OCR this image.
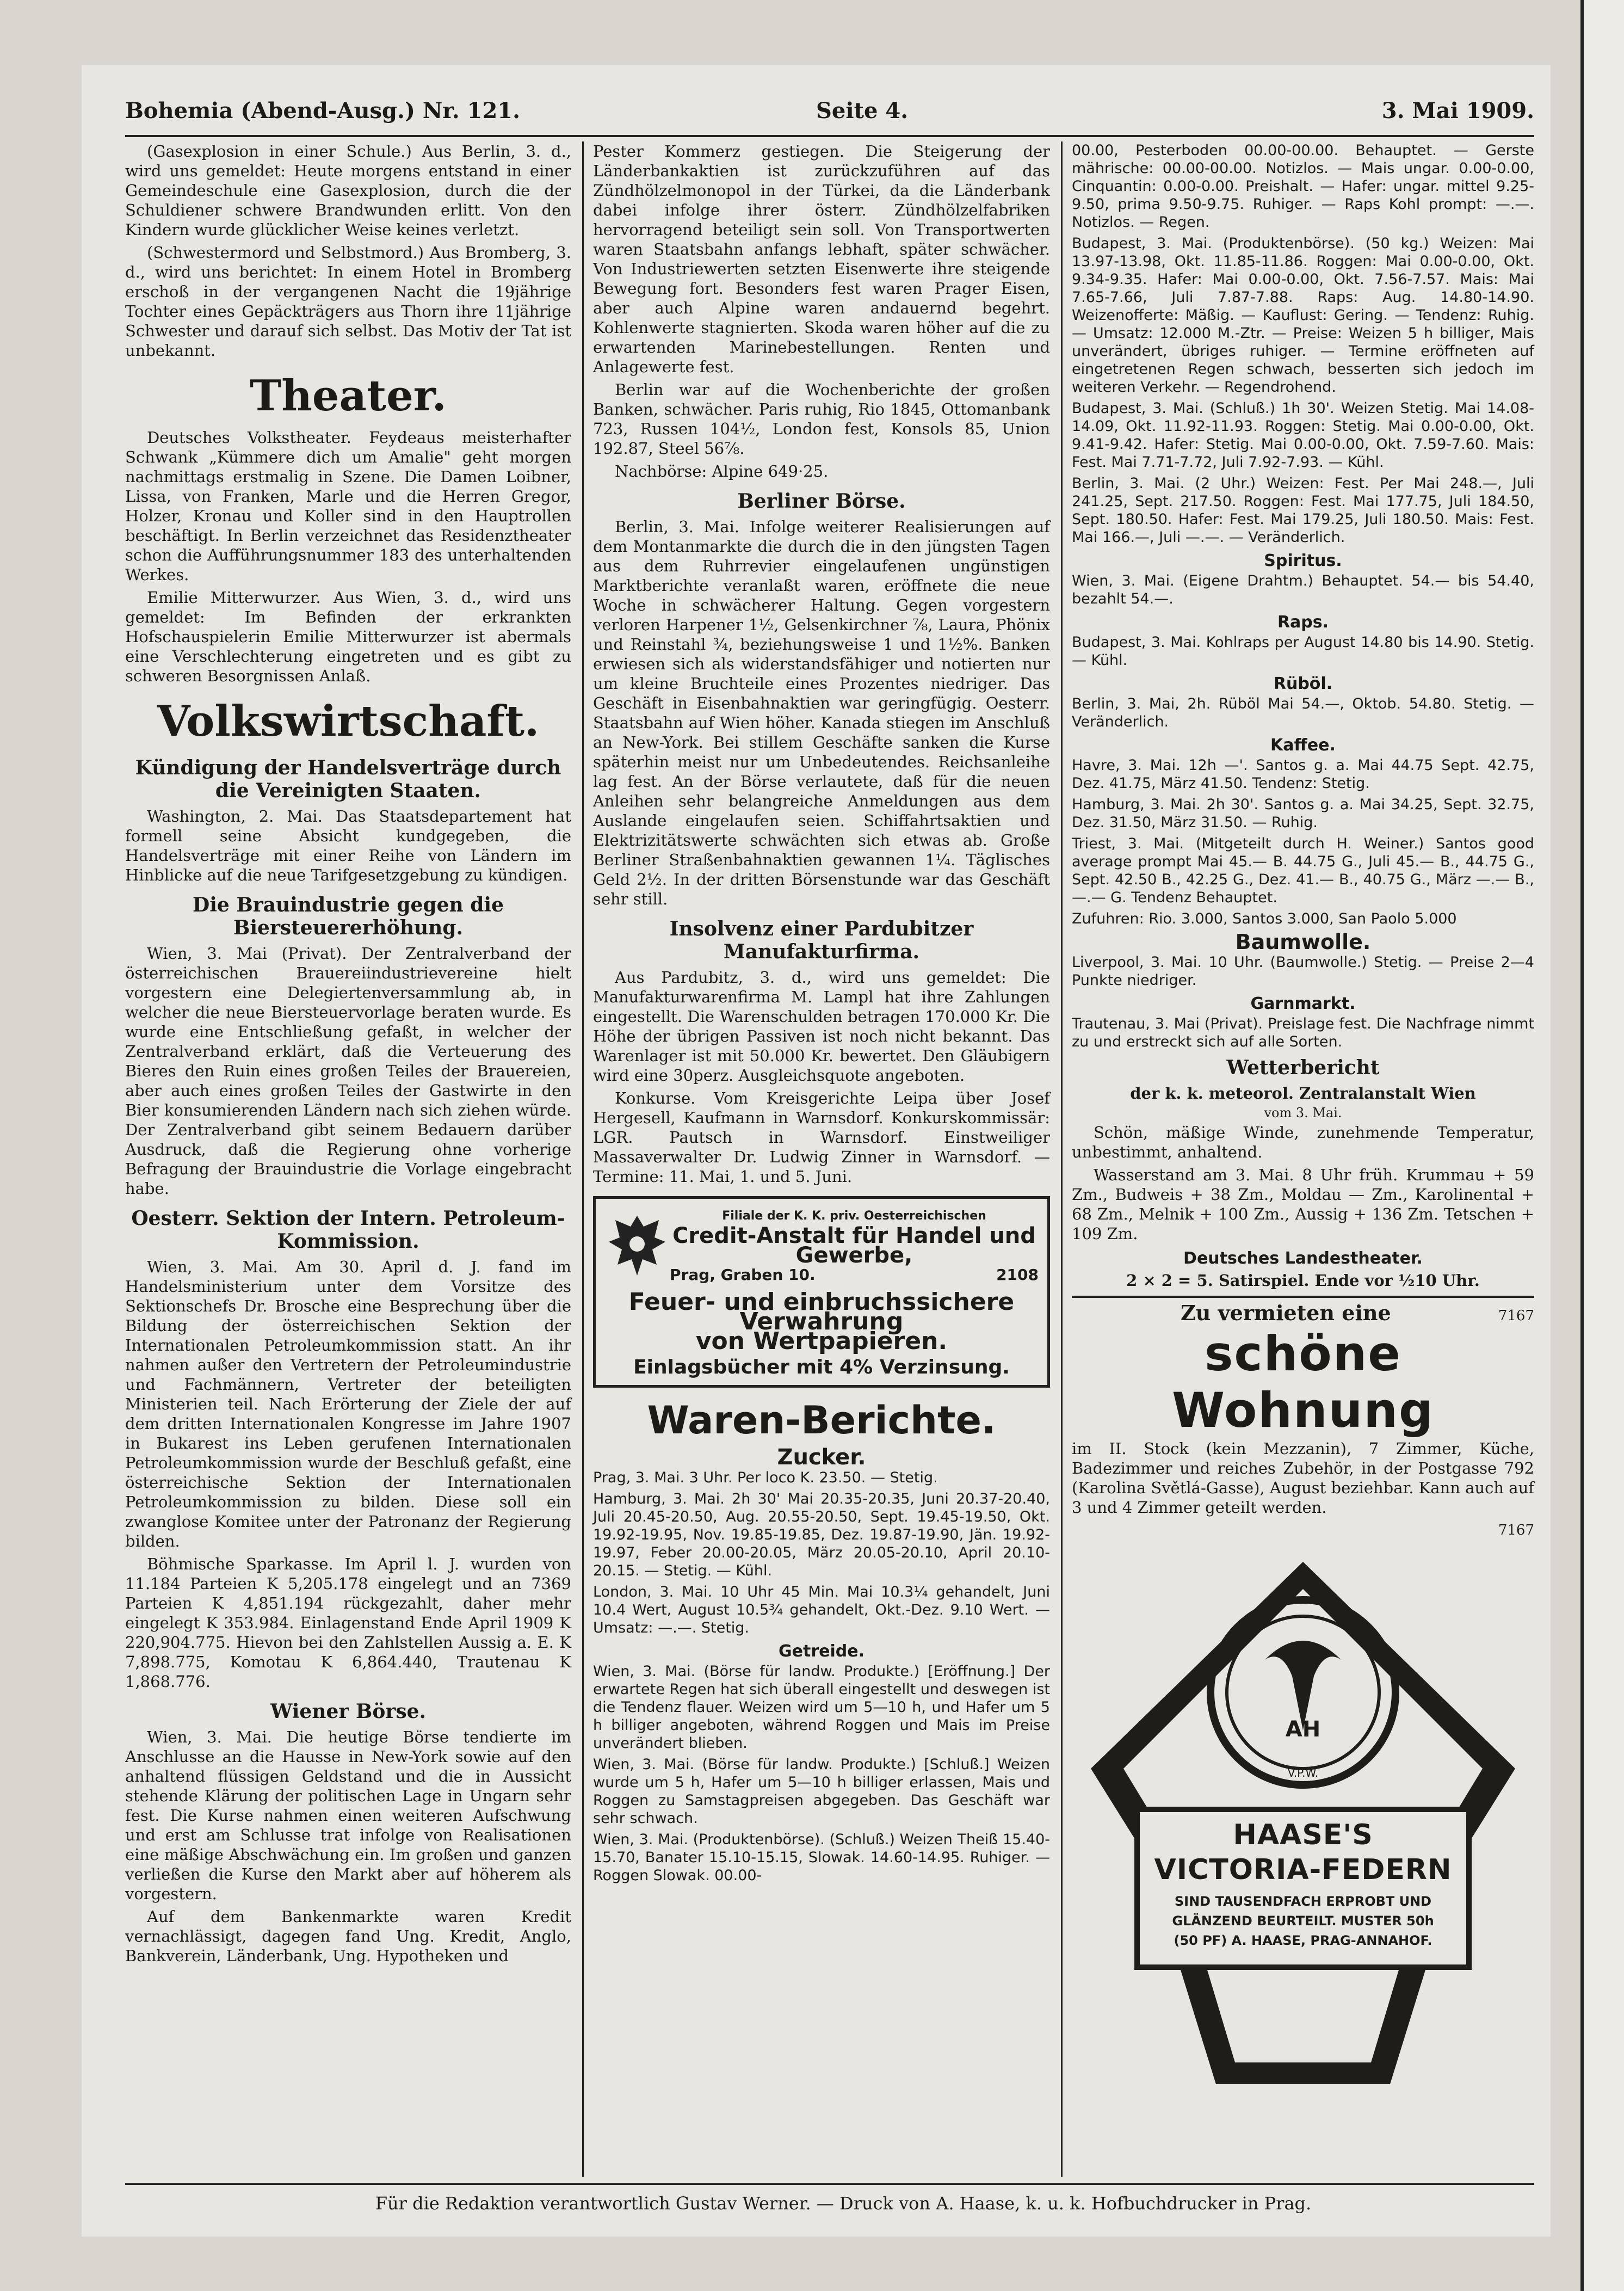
Bohemia (Abend-Ausg.) Nr. 121.	Seite 4.	3. Mai 1909.

(Gasexplosion in einer Schule.) Aus Berlin, 3. d., wird uns gemeldet: Heute morgens entstand in einer Gemeindeschule eine Gasexplosion, durch die der Schuldiener schwere Brandwunden erlitt. Von den Kindern wurde glücklicher Weise keines verletzt.

(Schwestermord und Selbstmord.) Aus Bromberg, 3. d., wird uns berichtet: In einem Hotel in Bromberg erschoß in der vergangenen Nacht die 19jährige Tochter eines Gepäckträgers aus Thorn ihre 11jährige Schwester und darauf sich selbst. Das Motiv der Tat ist unbekannt.

Theater.

Deutsches Volkstheater. Feydeaus meisterhafter Schwank „Kümmere dich um Amalie" geht morgen nachmittags erstmalig in Szene. Die Damen Loibner, Lissa, von Franken, Marle und die Herren Gregor, Holzer, Kronau und Koller sind in den Hauptrollen beschäftigt. In Berlin verzeichnet das Residenztheater schon die Aufführungsnummer 183 des unterhaltenden Werkes.

Emilie Mitterwurzer. Aus Wien, 3. d., wird uns gemeldet: Im Befinden der erkrankten Hofschauspielerin Emilie Mitterwurzer ist abermals eine Verschlechterung eingetreten und es gibt zu schweren Besorgnissen Anlaß.

Volkswirtschaft.
Kündigung der Handelsverträge durch die Vereinigten Staaten.

Washington, 2. Mai. Das Staatsdepartement hat formell seine Absicht kundgegeben, die Handelsverträge mit einer Reihe von Ländern im Hinblicke auf die neue Tarifgesetzgebung zu kündigen.

Die Brauindustrie gegen die Biersteuererhöhung.

Wien, 3. Mai (Privat). Der Zentralverband der österreichischen Brauereiindustrievereine hielt vorgestern eine Delegiertenversammlung ab, in welcher die neue Biersteuervorlage beraten wurde. Es wurde eine Entschließung gefaßt, in welcher der Zentralverband erklärt, daß die Verteuerung des Bieres den Ruin eines großen Teiles der Brauereien, aber auch eines großen Teiles der Gastwirte in den Bier konsumierenden Ländern nach sich ziehen würde. Der Zentralverband gibt seinem Bedauern darüber Ausdruck, daß die Regierung ohne vorherige Befragung der Brauindustrie die Vorlage eingebracht habe.

Oesterr. Sektion der Intern. Petroleum-Kommission.

Wien, 3. Mai. Am 30. April d. J. fand im Handelsministerium unter dem Vorsitze des Sektionschefs Dr. Brosche eine Besprechung über die Bildung der österreichischen Sektion der Internationalen Petroleumkommission statt. An ihr nahmen außer den Vertretern der Petroleumindustrie und Fachmännern, Vertreter der beteiligten Ministerien teil. Nach Erörterung der Ziele der auf dem dritten Internationalen Kongresse im Jahre 1907 in Bukarest ins Leben gerufenen Internationalen Petroleumkommission wurde der Beschluß gefaßt, eine österreichische Sektion der Internationalen Petroleumkommission zu bilden. Diese soll ein zwanglose Komitee unter der Patronanz der Regierung bilden.

Böhmische Sparkasse. Im April l. J. wurden von 11.184 Parteien K 5,205.178 eingelegt und an 7369 Parteien K 4,851.194 rückgezahlt, daher mehr eingelegt K 353.984. Einlagenstand Ende April 1909 K 220,904.775. Hievon bei den Zahlstellen Aussig a. E. K 7,898.775, Komotau K 6,864.440, Trautenau K 1,868.776.

Wiener Börse.

Wien, 3. Mai. Die heutige Börse tendierte im Anschlusse an die Hausse in New-York sowie auf den anhaltend flüssigen Geldstand und die in Aussicht stehende Klärung der politischen Lage in Ungarn sehr fest. Die Kurse nahmen einen weiteren Aufschwung und erst am Schlusse trat infolge von Realisationen eine mäßige Abschwächung ein. Im großen und ganzen verließen die Kurse den Markt aber auf höherem als vorgestern.

Auf dem Bankenmarkte waren Kredit vernachlässigt, dagegen fand Ung. Kredit, Anglo, Bankverein, Länderbank, Ung. Hypotheken und

Pester Kommerz gestiegen. Die Steigerung der Länderbankaktien ist zurückzuführen auf das Zündhölzelmonopol in der Türkei, da die Länderbank dabei infolge ihrer österr. Zündhölzelfabriken hervorragend beteiligt sein soll. Von Transportwerten waren Staatsbahn anfangs lebhaft, später schwächer. Von Industriewerten setzten Eisenwerte ihre steigende Bewegung fort. Besonders fest waren Prager Eisen, aber auch Alpine waren andauernd begehrt. Kohlenwerte stagnierten. Skoda waren höher auf die zu erwartenden Marinebestellungen. Renten und Anlagewerte fest.

Berlin war auf die Wochenberichte der großen Banken, schwächer. Paris ruhig, Rio 1845, Ottomanbank 723, Russen 104½, London fest, Konsols 85, Union 192.87, Steel 56⅞.

Nachbörse: Alpine 649·25.

Berliner Börse.

Berlin, 3. Mai. Infolge weiterer Realisierungen auf dem Montanmarkte die durch die in den jüngsten Tagen aus dem Ruhrrevier eingelaufenen ungünstigen Marktberichte veranlaßt waren, eröffnete die neue Woche in schwächerer Haltung. Gegen vorgestern verloren Harpener 1½, Gelsenkirchner ⅞, Laura, Phönix und Reinstahl ¾, beziehungsweise 1 und 1½%. Banken erwiesen sich als widerstandsfähiger und notierten nur um kleine Bruchteile eines Prozentes niedriger. Das Geschäft in Eisenbahnaktien war geringfügig. Oesterr. Staatsbahn auf Wien höher. Kanada stiegen im Anschluß an New-York. Bei stillem Geschäfte sanken die Kurse späterhin meist nur um Unbedeutendes. Reichsanleihe lag fest. An der Börse verlautete, daß für die neuen Anleihen sehr belangreiche Anmeldungen aus dem Auslande eingelaufen seien. Schiffahrtsaktien und Elektrizitätswerte schwächten sich etwas ab. Große Berliner Straßenbahnaktien gewannen 1¼. Täglisches Geld 2½. In der dritten Börsenstunde war das Geschäft sehr still.

Insolvenz einer Pardubitzer Manufakturfirma.

Aus Pardubitz, 3. d., wird uns gemeldet: Die Manufakturwarenfirma M. Lampl hat ihre Zahlungen eingestellt. Die Warenschulden betragen 170.000 Kr. Die Höhe der übrigen Passiven ist noch nicht bekannt. Das Warenlager ist mit 50.000 Kr. bewertet. Den Gläubigern wird eine 30perz. Ausgleichsquote angeboten.

Konkurse. Vom Kreisgerichte Leipa über Josef Hergesell, Kaufmann in Warnsdorf. Konkurskommissär: LGR. Pautsch in Warnsdorf. Einstweiliger Massaverwalter Dr. Ludwig Zinner in Warnsdorf. — Termine: 11. Mai, 1. und 5. Juni.

Filiale der K. K. priv. Oesterreichischen
Credit-Anstalt für Handel und Gewerbe,
Prag, Graben 10.	2108
Feuer- und einbruchssichere Verwahrung
von Wertpapieren.
Einlagsbücher mit 4% Verzinsung.
Waren-Berichte.
Zucker.

Prag, 3. Mai. 3 Uhr. Per loco K. 23.50. — Stetig.

Hamburg, 3. Mai. 2h 30' Mai 20.35-20.35, Juni 20.37-20.40, Juli 20.45-20.50, Aug. 20.55-20.50, Sept. 19.45-19.50, Okt. 19.92-19.95, Nov. 19.85-19.85, Dez. 19.87-19.90, Jän. 19.92-19.97, Feber 20.00-20.05, März 20.05-20.10, April 20.10-20.15. — Stetig. — Kühl.

London, 3. Mai. 10 Uhr 45 Min. Mai 10.3¼ gehandelt, Juni 10.4 Wert, August 10.5¾ gehandelt, Okt.-Dez. 9.10 Wert. — Umsatz: —.—. Stetig.

Getreide.

Wien, 3. Mai. (Börse für landw. Produkte.) [Eröffnung.] Der erwartete Regen hat sich überall eingestellt und deswegen ist die Tendenz flauer. Weizen wird um 5—10 h, und Hafer um 5 h billiger angeboten, während Roggen und Mais im Preise unverändert blieben.

Wien, 3. Mai. (Börse für landw. Produkte.) [Schluß.] Weizen wurde um 5 h, Hafer um 5—10 h billiger erlassen, Mais und Roggen zu Samstagpreisen abgegeben. Das Geschäft war sehr schwach.

Wien, 3. Mai. (Produktenbörse). (Schluß.) Weizen Theiß 15.40-15.70, Banater 15.10-15.15, Slowak. 14.60-14.95. Ruhiger. — Roggen Slowak. 00.00-

00.00, Pesterboden 00.00-00.00. Behauptet. — Gerste mährische: 00.00-00.00. Notizlos. — Mais ungar. 0.00-0.00, Cinquantin: 0.00-0.00. Preishalt. — Hafer: ungar. mittel 9.25-9.50, prima 9.50-9.75. Ruhiger. — Raps Kohl prompt: —.—. Notizlos. — Regen.

Budapest, 3. Mai. (Produktenbörse). (50 kg.) Weizen: Mai 13.97-13.98, Okt. 11.85-11.86. Roggen: Mai 0.00-0.00, Okt. 9.34-9.35. Hafer: Mai 0.00-0.00, Okt. 7.56-7.57. Mais: Mai 7.65-7.66, Juli 7.87-7.88. Raps: Aug. 14.80-14.90. Weizenofferte: Mäßig. — Kauflust: Gering. — Tendenz: Ruhig. — Umsatz: 12.000 M.-Ztr. — Preise: Weizen 5 h billiger, Mais unverändert, übriges ruhiger. — Termine eröffneten auf eingetretenen Regen schwach, besserten sich jedoch im weiteren Verkehr. — Regendrohend.

Budapest, 3. Mai. (Schluß.) 1h 30'. Weizen Stetig. Mai 14.08-14.09, Okt. 11.92-11.93. Roggen: Stetig. Mai 0.00-0.00, Okt. 9.41-9.42. Hafer: Stetig. Mai 0.00-0.00, Okt. 7.59-7.60. Mais: Fest. Mai 7.71-7.72, Juli 7.92-7.93. — Kühl.

Berlin, 3. Mai. (2 Uhr.) Weizen: Fest. Per Mai 248.—, Juli 241.25, Sept. 217.50. Roggen: Fest. Mai 177.75, Juli 184.50, Sept. 180.50. Hafer: Fest. Mai 179.25, Juli 180.50. Mais: Fest. Mai 166.—, Juli —.—. — Veränderlich.

Spiritus.

Wien, 3. Mai. (Eigene Drahtm.) Behauptet. 54.— bis 54.40, bezahlt 54.—.

Raps.

Budapest, 3. Mai. Kohlraps per August 14.80 bis 14.90. Stetig. — Kühl.

Rüböl.

Berlin, 3. Mai, 2h. Rüböl Mai 54.—, Oktob. 54.80. Stetig. — Veränderlich.

Kaffee.

Havre, 3. Mai. 12h —'. Santos g. a. Mai 44.75 Sept. 42.75, Dez. 41.75, März 41.50. Tendenz: Stetig.

Hamburg, 3. Mai. 2h 30'. Santos g. a. Mai 34.25, Sept. 32.75, Dez. 31.50, März 31.50. — Ruhig.

Triest, 3. Mai. (Mitgeteilt durch H. Weiner.) Santos good average prompt Mai 45.— B. 44.75 G., Juli 45.— B., 44.75 G., Sept. 42.50 B., 42.25 G., Dez. 41.— B., 40.75 G., März —.— B., —.— G. Tendenz Behauptet.

Zufuhren: Rio. 3.000, Santos 3.000, San Paolo 5.000

Baumwolle.

Liverpool, 3. Mai. 10 Uhr. (Baumwolle.) Stetig. — Preise 2—4 Punkte niedriger.

Garnmarkt.

Trautenau, 3. Mai (Privat). Preislage fest. Die Nachfrage nimmt zu und erstreckt sich auf alle Sorten.

Wetterbericht
der k. k. meteorol. Zentralanstalt Wien
vom 3. Mai.

Schön, mäßige Winde, zunehmende Temperatur, unbestimmt, anhaltend.

Wasserstand am 3. Mai. 8 Uhr früh. Krummau + 59 Zm., Budweis + 38 Zm., Moldau — Zm., Karolinental + 68 Zm., Melnik + 100 Zm., Aussig + 136 Zm. Tetschen + 109 Zm.

Deutsches Landestheater.
2 × 2 = 5. Satirspiel. Ende vor ½10 Uhr.
Zu vermieten eine	7167
schöne Wohnung

im II. Stock (kein Mezzanin), 7 Zimmer, Küche, Badezimmer und reiches Zubehör, in der Postgasse 792 (Karolina Světlá-Gasse), August beziehbar. Kann auch auf 3 und 4 Zimmer geteilt werden.

7167
AH
V.P.W.
HAASE'S VICTORIA-FEDERN
SIND TAUSENDFACH ERPROBT UND
GLÄNZEND BEURTEILT. MUSTER 50h
(50 PF) A. HAASE, PRAG-ANNAHOF.
Für die Redaktion verantwortlich Gustav Werner. — Druck von A. Haase, k. u. k. Hofbuchdrucker in Prag.
